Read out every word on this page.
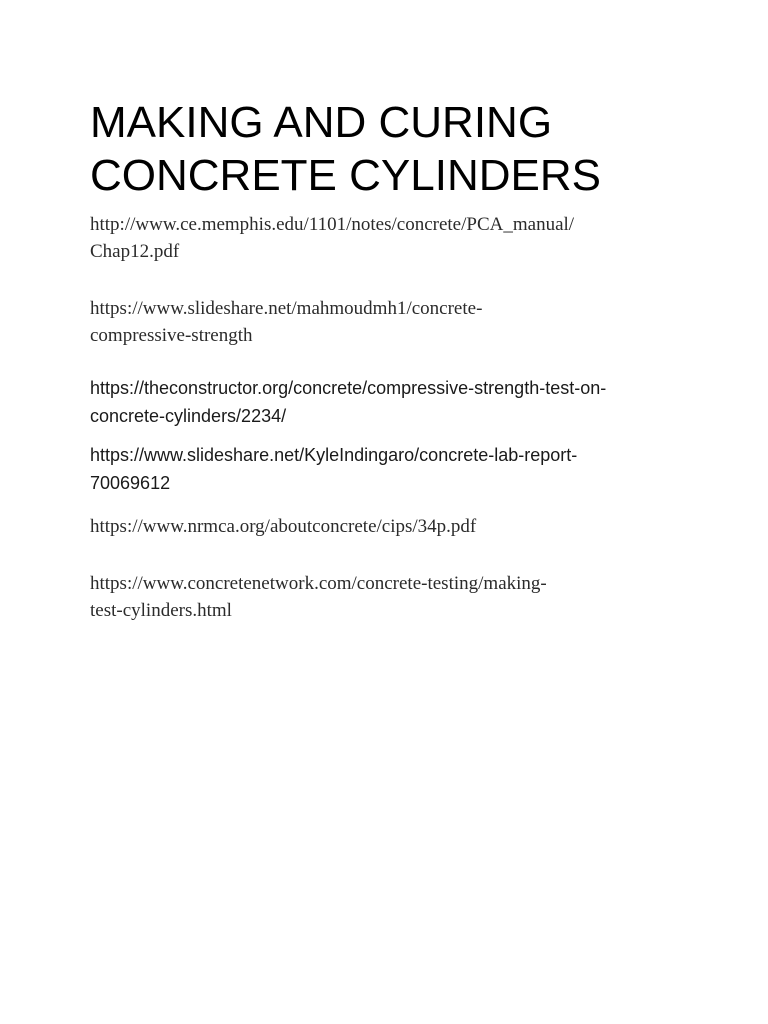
MAKING AND CURING
CONCRETE CYLINDERS
http://www.ce.memphis.edu/1101/notes/concrete/PCA_manual/
Chap12.pdf
https://www.slideshare.net/mahmoudmh1/concrete-
compressive-strength
https://theconstructor.org/concrete/compressive-strength-test-on-
concrete-cylinders/2234/
https://www.slideshare.net/KyleIndingaro/concrete-lab-report-
70069612
https://www.nrmca.org/aboutconcrete/cips/34p.pdf
https://www.concretenetwork.com/concrete-testing/making-
test-cylinders.html
